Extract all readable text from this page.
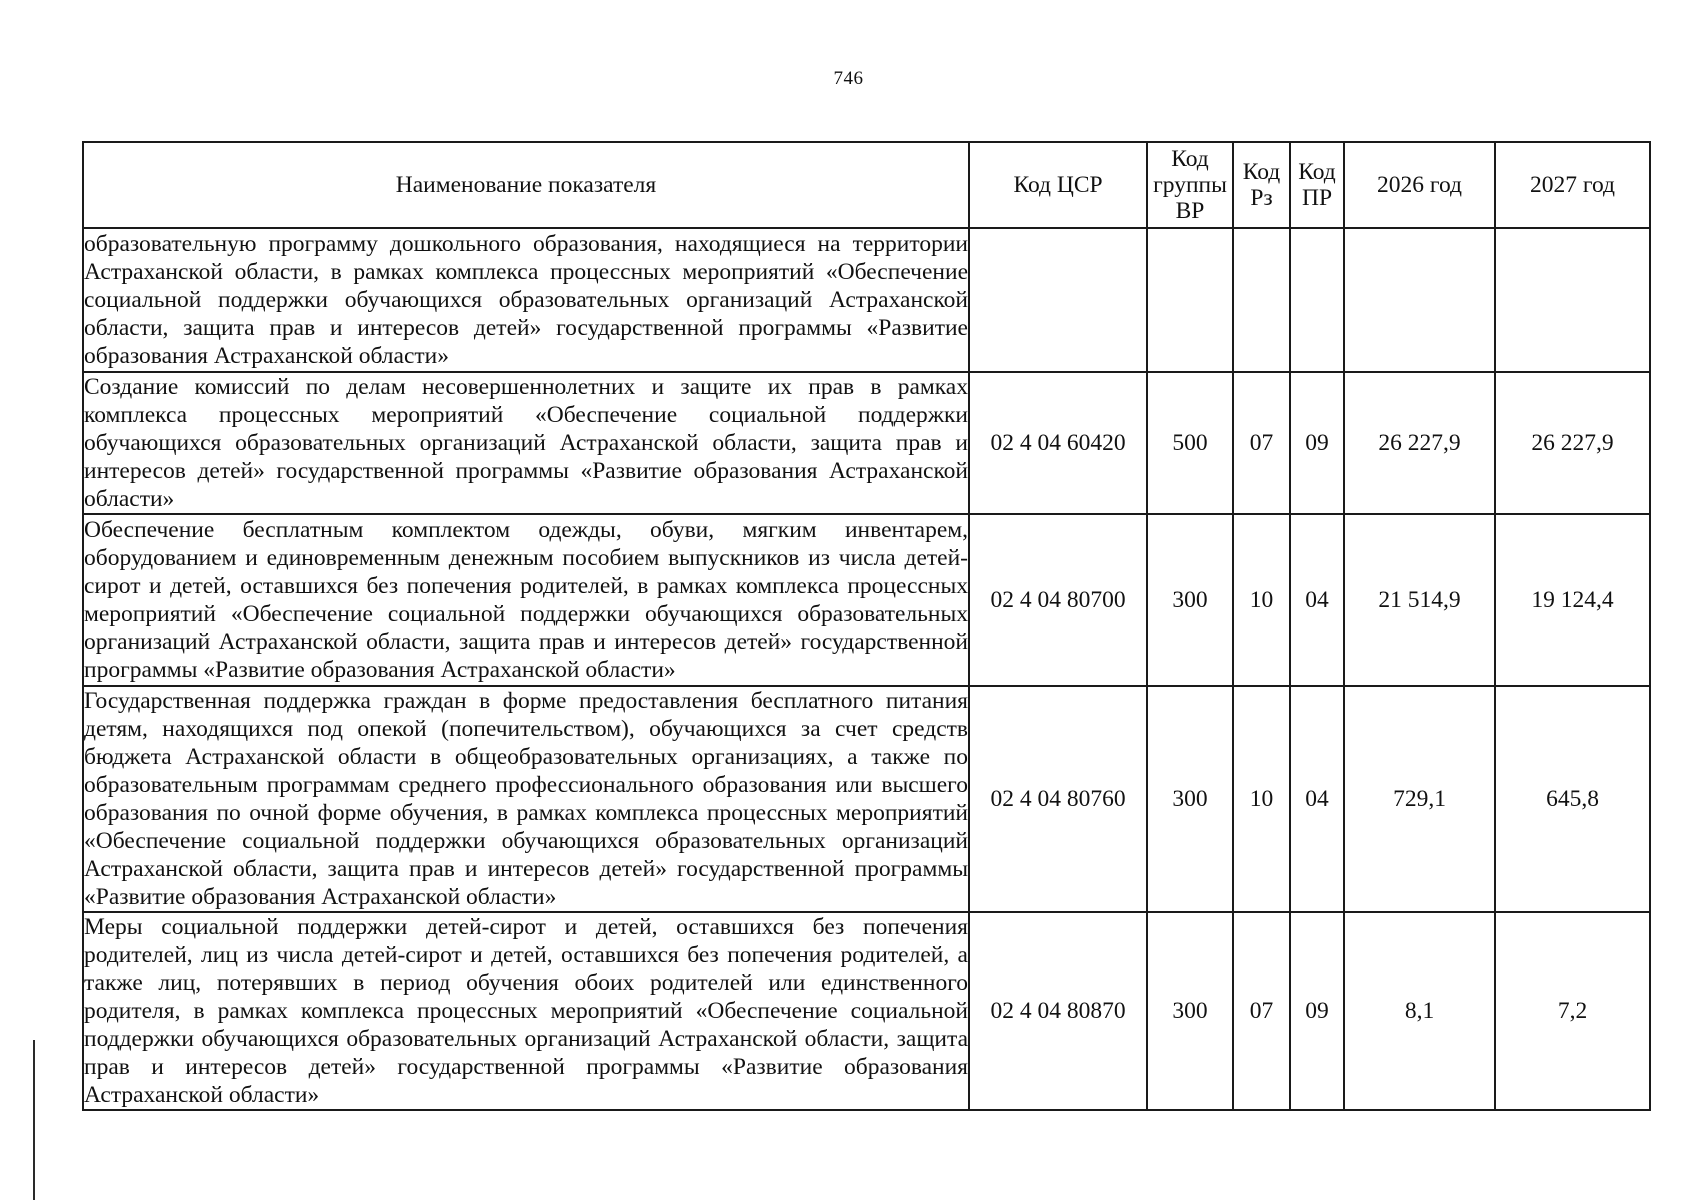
746
Наименование показателя	Код ЦСР	Код группы ВР	Код Рз	Код ПР	2026 год	2027 год
образовательную программу дошкольного образования, находящиеся на территории Астраханской области, в рамках комплекса процессных мероприятий «Обеспечение социальной поддержки обучающихся образовательных организаций Астраханской области, защита прав и интересов детей» государственной программы «Развитие образования Астраханской области»						
Создание комиссий по делам несовершеннолетних и защите их прав в рамках комплекса процессных мероприятий «Обеспечение социальной поддержки обучающихся образовательных организаций Астраханской области, защита прав и интересов детей» государственной программы «Развитие образования Астраханской области»	02 4 04 60420	500	07	09	26 227,9	26 227,9
Обеспечение бесплатным комплектом одежды, обуви, мягким инвентарем, оборудованием и единовременным денежным пособием выпускников из числа детей-сирот и детей, оставшихся без попечения родителей, в рамках комплекса процессных мероприятий «Обеспечение социальной поддержки обучающихся образовательных организаций Астраханской области, защита прав и интересов детей» государственной программы «Развитие образования Астраханской области»	02 4 04 80700	300	10	04	21 514,9	19 124,4
Государственная поддержка граждан в форме предоставления бесплатного питания детям, находящихся под опекой (попечительством), обучающихся за счет средств бюджета Астраханской области в общеобразовательных организациях, а также по образовательным программам среднего профессионального образования или высшего образования по очной форме обучения, в рамках комплекса процессных мероприятий «Обеспечение социальной поддержки обучающихся образовательных организаций Астраханской области, защита прав и интересов детей» государственной программы «Развитие образования Астраханской области»	02 4 04 80760	300	10	04	729,1	645,8
Меры социальной поддержки детей-сирот и детей, оставшихся без попечения родителей, лиц из числа детей-сирот и детей, оставшихся без попечения родителей, а также лиц, потерявших в период обучения обоих родителей или единственного родителя, в рамках комплекса процессных мероприятий «Обеспечение социальной поддержки обучающихся образовательных организаций Астраханской области, защита прав и интересов детей» государственной программы «Развитие образования Астраханской области»	02 4 04 80870	300	07	09	8,1	7,2
